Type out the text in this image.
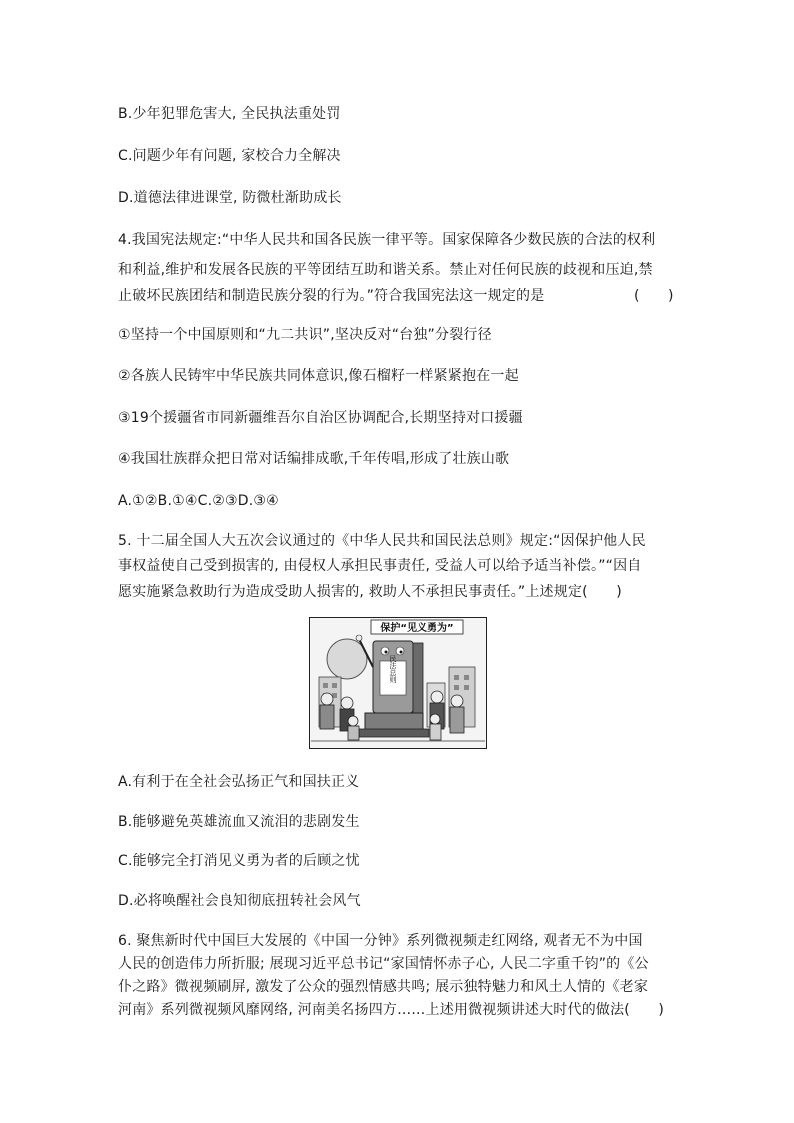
B.少年犯罪危害大, 全民执法重处罚
C.问题少年有问题, 家校合力全解决
D.道德法律进课堂, 防微杜渐助成长
4.我国宪法规定:“中华人民共和国各民族一律平等。国家保障各少数民族的合法的权利
和利益,维护和发展各民族的平等团结互助和谐关系。禁止对任何民族的歧视和压迫,禁
止破坏民族团结和制造民族分裂的行为。”符合我国宪法这一规定的是	(　　)
①坚持一个中国原则和“九二共识”,坚决反对“台独”分裂行径
②各族人民铸牢中华民族共同体意识,像石榴籽一样紧紧抱在一起
③19个援疆省市同新疆维吾尔自治区协调配合,长期坚持对口援疆
④我国壮族群众把日常对话编排成歌,千年传唱,形成了壮族山歌
A.①②B.①④C.②③D.③④
5. 十二届全国人大五次会议通过的《中华人民共和国民法总则》规定:“因保护他人民
事权益使自己受到损害的, 由侵权人承担民事责任, 受益人可以给予适当补偿。”“因自
愿实施紧急救助行为造成受助人损害的, 救助人不承担民事责任。”上述规定(　　)
保护“见义勇为”
民法总则
A.有利于在全社会弘扬正气和国扶正义
B.能够避免英雄流血又流泪的悲剧发生
C.能够完全打消见义勇为者的后顾之忧
D.必将唤醒社会良知彻底扭转社会风气
6. 聚焦新时代中国巨大发展的《中国一分钟》系列微视频走红网络, 观者无不为中国
人民的创造伟力所折服; 展现习近平总书记“家国情怀赤子心, 人民二字重千钧”的《公
仆之路》微视频刷屏, 激发了公众的强烈情感共鸣; 展示独特魅力和风土人情的《老家
河南》系列微视频风靡网络, 河南美名扬四方……上述用微视频讲述大时代的做法(　　)
